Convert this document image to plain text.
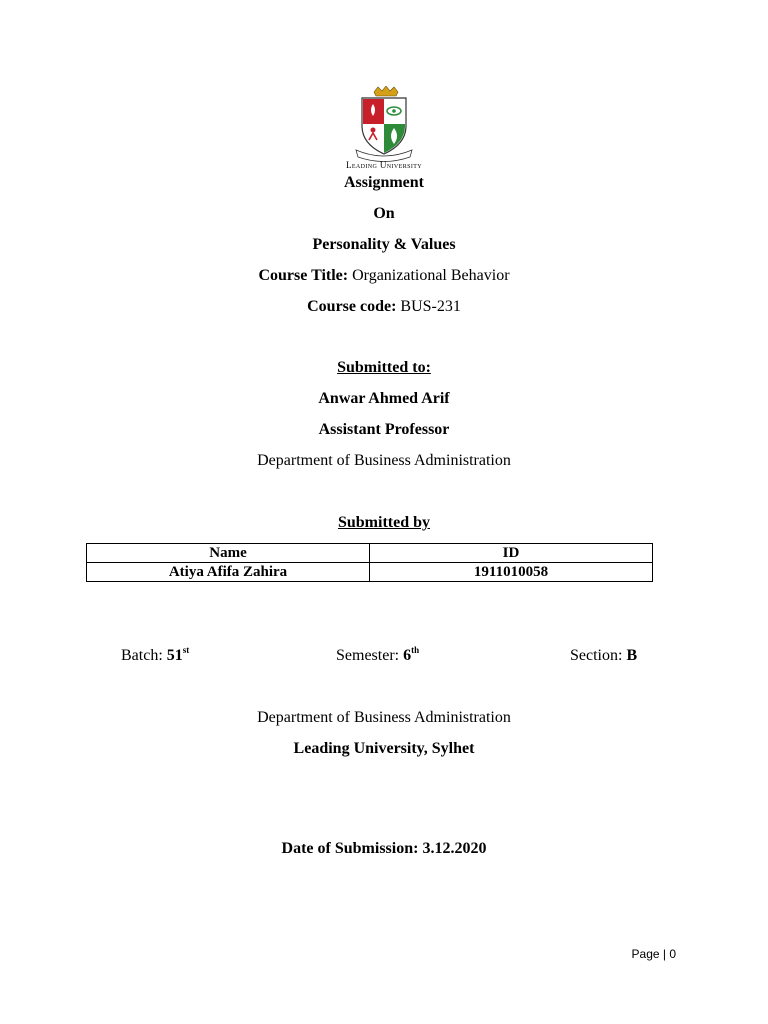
Leading University
Assignment
On
Personality & Values
Course Title: Organizational Behavior
Course code: BUS-231
Submitted to:
Anwar Ahmed Arif
Assistant Professor
Department of Business Administration
Submitted by
Name	ID
Atiya Afifa Zahira	1911010058
Batch: 51st	Semester: 6th	Section: B
Department of Business Administration
Leading University, Sylhet
Date of Submission: 3.12.2020
Page | 0
